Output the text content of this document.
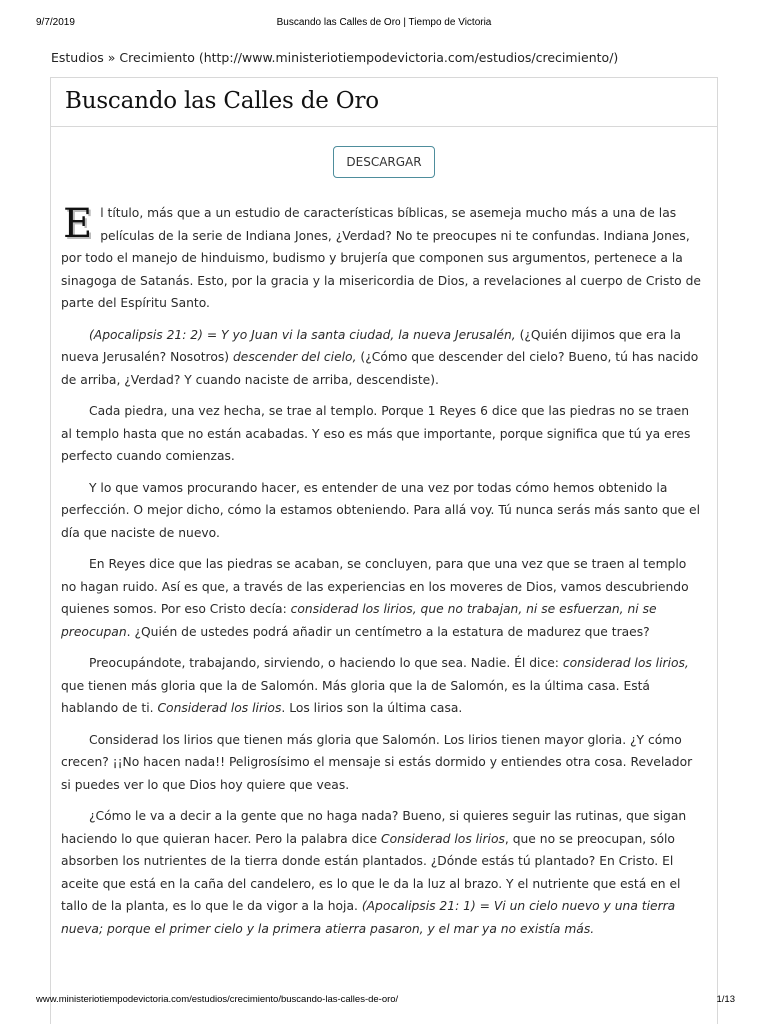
9/7/2019	Buscando las Calles de Oro | Tiempo de Victoria
Estudios » Crecimiento (http://www.ministeriotiempodevictoria.com/estudios/crecimiento/)
Buscando las Calles de Oro
DESCARGAR

El título, más que a un estudio de características bíblicas, se asemeja mucho más a una de las películas de la serie de Indiana Jones, ¿Verdad? No te preocupes ni te confundas. Indiana Jones, por todo el manejo de hinduismo, budismo y brujería que componen sus argumentos, pertenece a la sinagoga de Satanás. Esto, por la gracia y la misericordia de Dios, a revelaciones al cuerpo de Cristo de parte del Espíritu Santo.

(Apocalipsis 21: 2) = Y yo Juan vi la santa ciudad, la nueva Jerusalén, (¿Quién dijimos que era la nueva Jerusalén? Nosotros) descender del cielo, (¿Cómo que descender del cielo? Bueno, tú has nacido de arriba, ¿Verdad? Y cuando naciste de arriba, descendiste).

Cada piedra, una vez hecha, se trae al templo. Porque 1 Reyes 6 dice que las piedras no se traen al templo hasta que no están acabadas. Y eso es más que importante, porque significa que tú ya eres perfecto cuando comienzas.

Y lo que vamos procurando hacer, es entender de una vez por todas cómo hemos obtenido la perfección. O mejor dicho, cómo la estamos obteniendo. Para allá voy. Tú nunca serás más santo que el día que naciste de nuevo.

En Reyes dice que las piedras se acaban, se concluyen, para que una vez que se traen al templo no hagan ruido. Así es que, a través de las experiencias en los moveres de Dios, vamos descubriendo quienes somos. Por eso Cristo decía: considerad los lirios, que no trabajan, ni se esfuerzan, ni se preocupan. ¿Quién de ustedes podrá añadir un centímetro a la estatura de madurez que traes?

Preocupándote, trabajando, sirviendo, o haciendo lo que sea. Nadie. Él dice: considerad los lirios, que tienen más gloria que la de Salomón. Más gloria que la de Salomón, es la última casa. Está hablando de ti. Considerad los lirios. Los lirios son la última casa.

Considerad los lirios que tienen más gloria que Salomón. Los lirios tienen mayor gloria. ¿Y cómo crecen? ¡¡No hacen nada!! Peligrosísimo el mensaje si estás dormido y entiendes otra cosa. Revelador si puedes ver lo que Dios hoy quiere que veas.

¿Cómo le va a decir a la gente que no haga nada? Bueno, si quieres seguir las rutinas, que sigan haciendo lo que quieran hacer. Pero la palabra dice Considerad los lirios, que no se preocupan, sólo absorben los nutrientes de la tierra donde están plantados. ¿Dónde estás tú plantado? En Cristo. El aceite que está en la caña del candelero, es lo que le da la luz al brazo. Y el nutriente que está en el tallo de la planta, es lo que le da vigor a la hoja. (Apocalipsis 21: 1) = Vi un cielo nuevo y una tierra nueva; porque el primer cielo y la primera atierra pasaron, y el mar ya no existía más.

www.ministeriotiempodevictoria.com/estudios/crecimiento/buscando-las-calles-de-oro/	1/13
